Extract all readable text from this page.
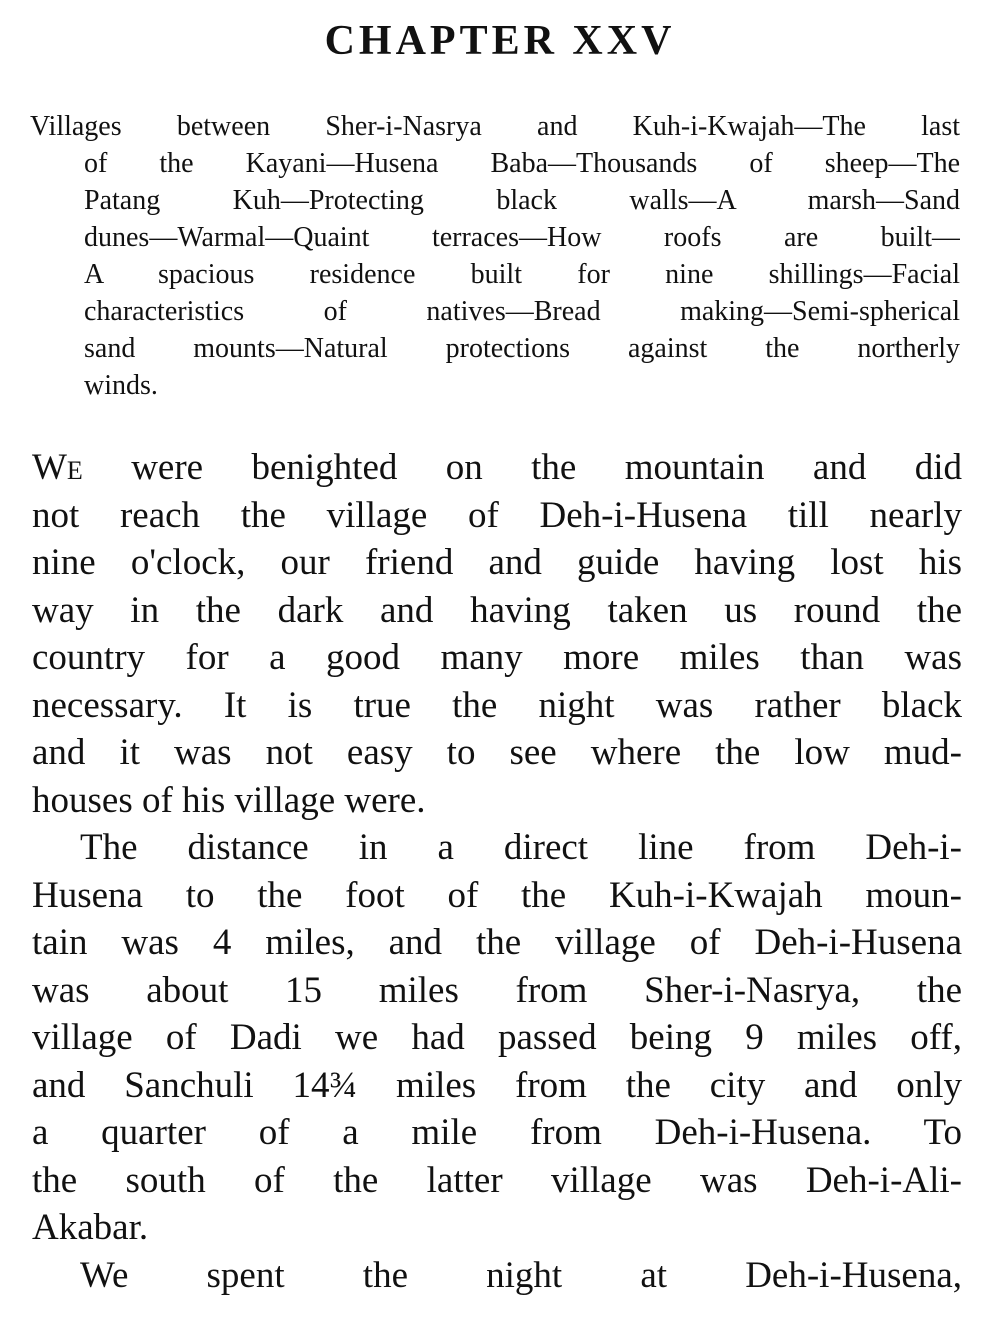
CHAPTER XXV
Villages between Sher-i-Nasrya and Kuh-i-Kwajah—The last
of the Kayani—Husena Baba—Thousands of sheep—The
Patang Kuh—Protecting black walls—A marsh—Sand
dunes—Warmal—Quaint terraces—How roofs are built—
A spacious residence built for nine shillings—Facial
characteristics of natives—Bread making—Semi-spherical
sand mounts—Natural protections against the northerly
winds.
We were benighted on the mountain and did
not reach the village of Deh-i-Husena till nearly
nine o'clock, our friend and guide having lost his
way in the dark and having taken us round the
country for a good many more miles than was
necessary. It is true the night was rather black
and it was not easy to see where the low mud-
houses of his village were.
The distance in a direct line from Deh-i-
Husena to the foot of the Kuh-i-Kwajah moun-
tain was 4 miles, and the village of Deh-i-Husena
was about 15 miles from Sher-i-Nasrya, the
village of Dadi we had passed being 9 miles off,
and Sanchuli 14¾ miles from the city and only
a quarter of a mile from Deh-i-Husena. To
the south of the latter village was Deh-i-Ali-
Akabar.
We spent the night at Deh-i-Husena,
